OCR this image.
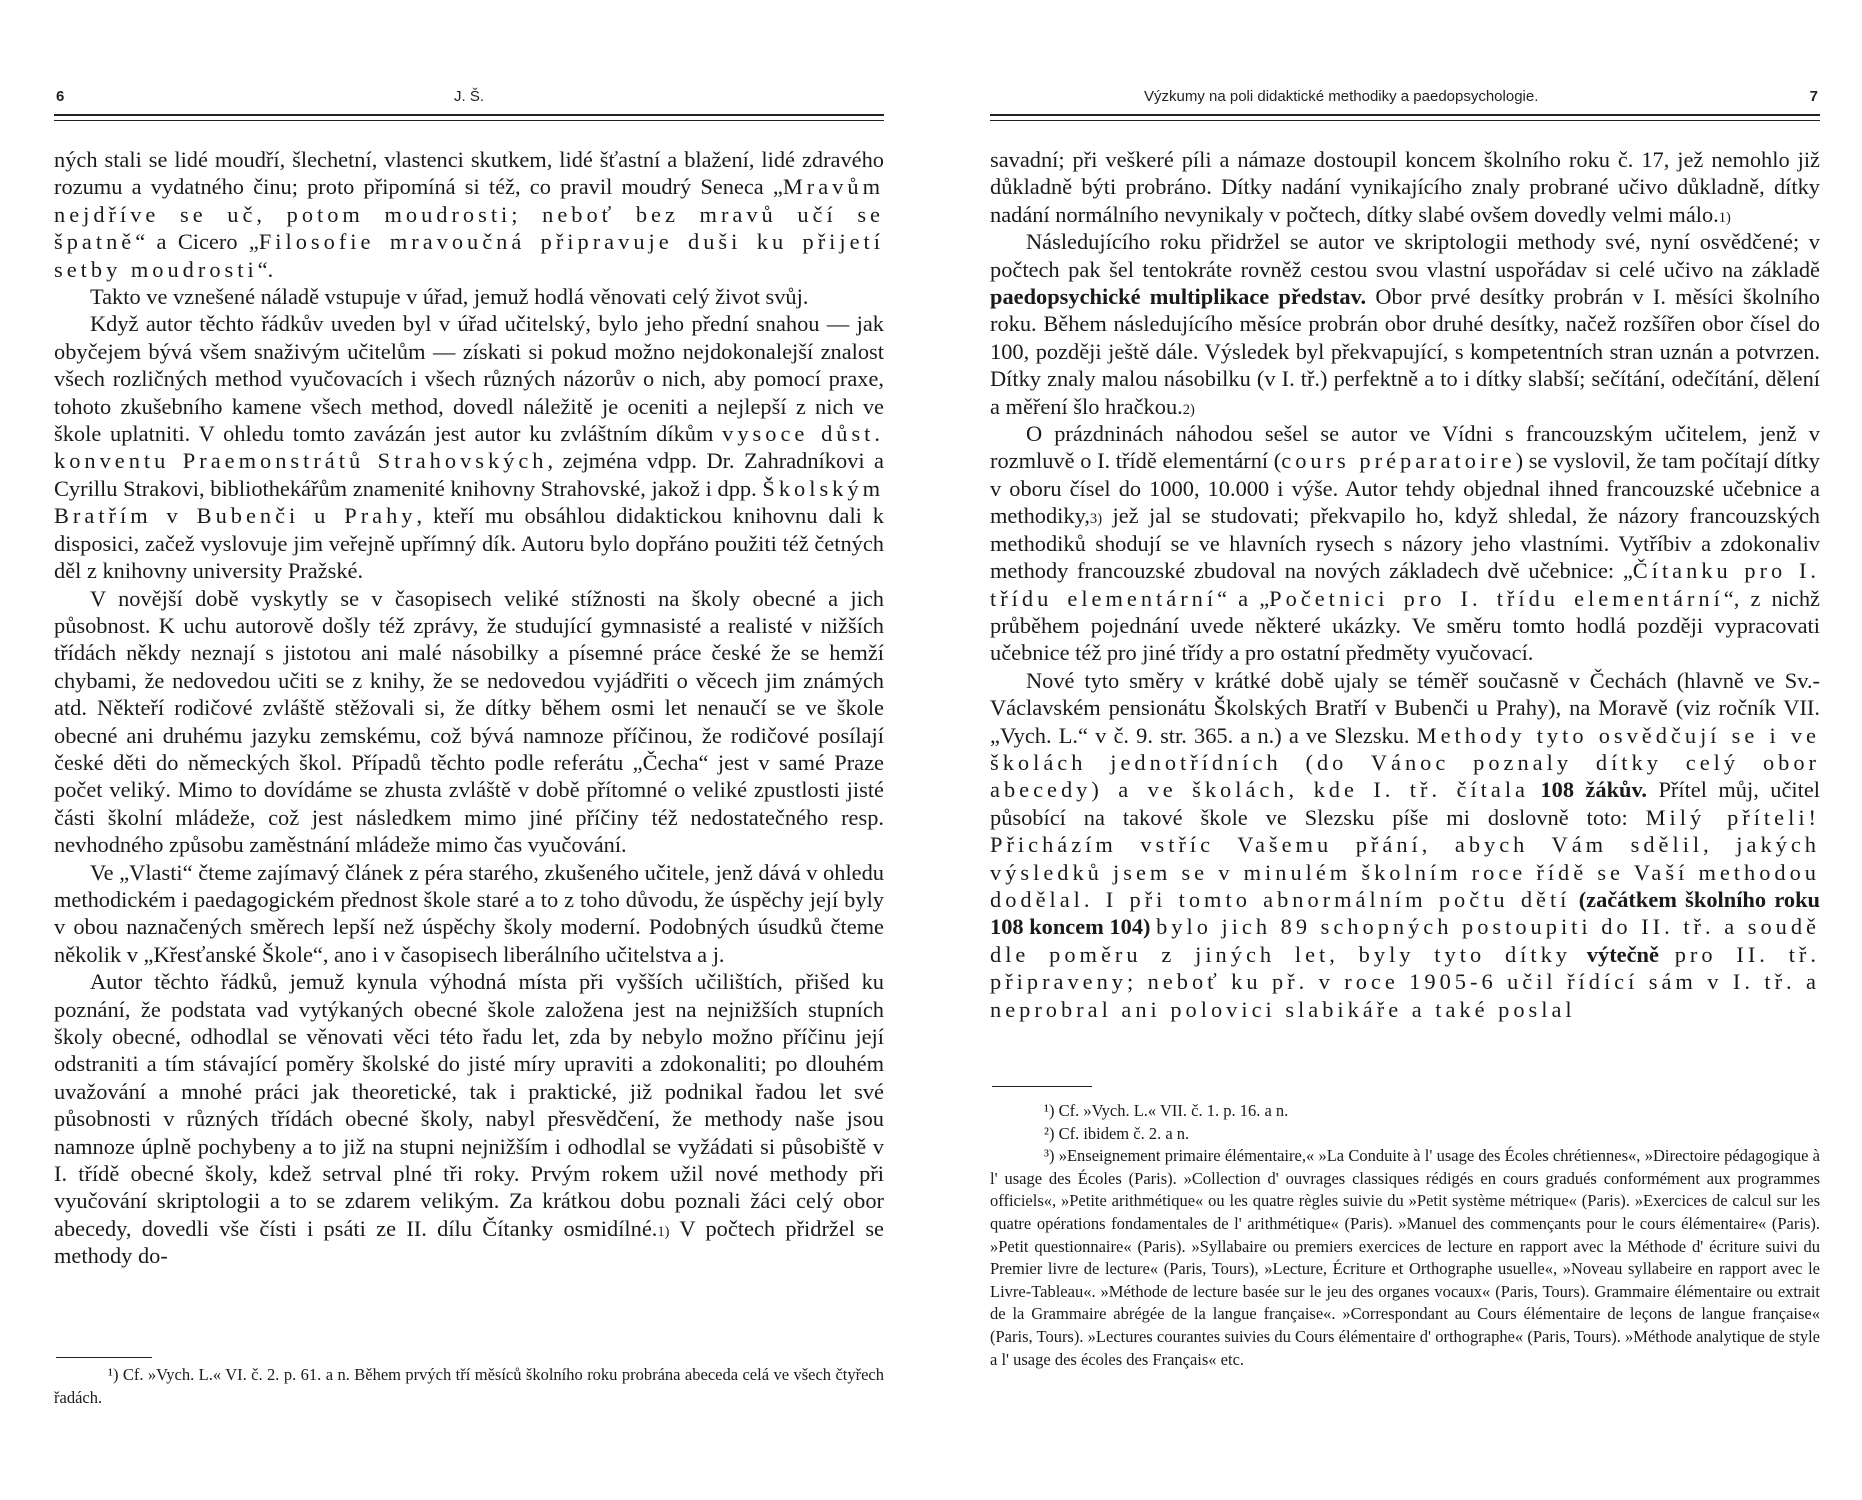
6	J. Š.

ných stali se lidé moudří, šlechetní, vlastenci skutkem, lidé šťastní a blažení, lidé zdravého rozumu a vydatného činu; proto připomíná si též, co pravil moudrý Seneca „Mravům nejdříve se uč, potom moudrosti; neboť bez mravů učí se špatně“ a Cicero „Filosofie mravoučná připravuje duši ku přijetí setby moudrosti“.

Takto ve vznešené náladě vstupuje v úřad, jemuž hodlá věnovati celý život svůj.

Když autor těchto řádkův uveden byl v úřad učitelský, bylo jeho přední snahou — jak obyčejem bývá všem snaživým učitelům — získati si pokud možno nejdokonalejší znalost všech rozličných method vyučovacích i všech různých názorův o nich, aby pomocí praxe, tohoto zkušebního kamene všech method, dovedl náležitě je oceniti a nejlepší z nich ve škole uplatniti. V ohledu tomto zavázán jest autor ku zvláštním díkům vysoce důst. konventu Praemonstrátů Strahovských, zejména vdpp. Dr. Zahradníkovi a Cyrillu Strakovi, bibliothekářům znamenité knihovny Strahovské, jakož i dpp. Školským Bratřím v Bubenči u Prahy, kteří mu obsáhlou didaktickou knihovnu dali k disposici, začež vyslovuje jim veřejně upřímný dík. Autoru bylo dopřáno použiti též četných děl z knihovny university Pražské.

V novější době vyskytly se v časopisech veliké stížnosti na školy obecné a jich působnost. K uchu autorově došly též zprávy, že studující gymnasisté a realisté v nižších třídách někdy neznají s jistotou ani malé násobilky a písemné práce české že se hemží chybami, že nedovedou učiti se z knihy, že se nedovedou vyjádřiti o věcech jim známých atd. Někteří rodičové zvláště stěžovali si, že dítky během osmi let nenaučí se ve škole obecné ani druhému jazyku zemskému, což bývá namnoze příčinou, že rodičové posílají české děti do německých škol. Případů těchto podle referátu „Čecha“ jest v samé Praze počet veliký. Mimo to dovídáme se zhusta zvláště v době přítomné o veliké zpustlosti jisté části školní mládeže, což jest následkem mimo jiné příčiny též nedostatečného resp. nevhodného způsobu zaměstnání mládeže mimo čas vyučování.

Ve „Vlasti“ čteme zajímavý článek z péra starého, zkušeného učitele, jenž dává v ohledu methodickém i paedagogickém přednost škole staré a to z toho důvodu, že úspěchy její byly v obou naznačených směrech lepší než úspěchy školy moderní. Podobných úsudků čteme několik v „Křesťanské Škole“, ano i v časopisech liberálního učitelstva a j.

Autor těchto řádků, jemuž kynula výhodná místa při vyšších učilištích, přišed ku poznání, že podstata vad vytýkaných obecné škole založena jest na nejnižších stupních školy obecné, odhodlal se věnovati věci této řadu let, zda by nebylo možno příčinu její odstraniti a tím stávající poměry školské do jisté míry upraviti a zdokonaliti; po dlouhém uvažování a mnohé práci jak theoretické, tak i praktické, již podnikal řadou let své působnosti v různých třídách obecné školy, nabyl přesvědčení, že methody naše jsou namnoze úplně pochybeny a to již na stupni nejnižším i odhodlal se vyžádati si působiště v I. třídě obecné školy, kdež setrval plné tři roky. Prvým rokem užil nové methody při vyučování skriptologii a to se zdarem velikým. Za krátkou dobu poznali žáci celý obor abecedy, dovedli vše čísti i psáti ze II. dílu Čítanky osmidílné.$^{1)}$ V počtech přidržel se methody do-

¹) Cf. »Vych. L.« VI. č. 2. p. 61. a n. Během prvých tří měsíců školního roku probrána abeceda celá ve všech čtyřech řadách.

Výzkumy na poli didaktické methodiky a paedopsychologie.	7

savadní; při veškeré píli a námaze dostoupil koncem školního roku č. 17, jež nemohlo již důkladně býti probráno. Dítky nadání vynikajícího znaly probrané učivo důkladně, dítky nadání normálního nevynikaly v počtech, dítky slabé ovšem dovedly velmi málo.$^{1)}$

Následujícího roku přidržel se autor ve skriptologii methody své, nyní osvědčené; v počtech pak šel tentokráte rovněž cestou svou vlastní uspořádav si celé učivo na základě paedopsychické multiplikace představ. Obor prvé desítky probrán v I. měsíci školního roku. Během následujícího měsíce probrán obor druhé desítky, načež rozšířen obor čísel do 100, později ještě dále. Výsledek byl překvapující, s kompetentních stran uznán a potvrzen. Dítky znaly malou násobilku (v I. tř.) perfektně a to i dítky slabší; sečítání, odečítání, dělení a měření šlo hračkou.$^{2)}$

O prázdninách náhodou sešel se autor ve Vídni s francouzským učitelem, jenž v rozmluvě o I. třídě elementární (cours préparatoire) se vyslovil, že tam počítají dítky v oboru čísel do 1000, 10.000 i výše. Autor tehdy objednal ihned francouzské učebnice a methodiky,$^{3)}$ jež jal se studovati; překvapilo ho, když shledal, že názory francouzských methodiků shodují se ve hlavních rysech s názory jeho vlastními. Vytříbiv a zdokonaliv methody francouzské zbudoval na nových základech dvě učebnice: „Čítanku pro I. třídu elementární“ a „Početnici pro I. třídu elementární“, z nichž průběhem pojednání uvede některé ukázky. Ve směru tomto hodlá později vypracovati učebnice též pro jiné třídy a pro ostatní předměty vyučovací.

Nové tyto směry v krátké době ujaly se téměř současně v Čechách (hlavně ve Sv.-Václavském pensionátu Školských Bratří v Bubenči u Prahy), na Moravě (viz ročník VII. „Vych. L.“ v č. 9. str. 365. a n.) a ve Slezsku. Methody tyto osvědčují se i ve školách jednotřídních (do Vánoc poznaly dítky celý obor abecedy) a ve školách, kde I. tř. čítala 108 žákův. Přítel můj, učitel působící na takové škole ve Slezsku píše mi doslovně toto: Milý příteli! Přicházím vstříc Vašemu přání, abych Vám sdělil, jakých výsledků jsem se v minulém školním roce řídě se Vaší methodou dodělal. I při tomto abnormálním počtu dětí (začátkem školního roku 108 koncem 104) bylo jich 89 schopných postoupiti do II. tř. a soudě dle poměru z jiných let, byly tyto dítky výtečně pro II. tř. připraveny; neboť ku př. v roce 1905-6 učil řídící sám v I. tř. a neprobral ani polovici slabikáře a také poslal

¹) Cf. »Vych. L.« VII. č. 1. p. 16. a n.

²) Cf. ibidem č. 2. a n.

³) »Enseignement primaire élémentaire,« »La Conduite à l' usage des Écoles chrétiennes«, »Directoire pédagogique à l' usage des Écoles (Paris). »Collection d' ouvrages classiques rédigés en cours gradués conformément aux programmes officiels«, »Petite arithmétique« ou les quatre règles suivie du »Petit système métrique« (Paris). »Exercices de calcul sur les quatre opérations fondamentales de l' arithmétique« (Paris). »Manuel des commençants pour le cours élémentaire« (Paris). »Petit questionnaire« (Paris). »Syllabaire ou premiers exercices de lecture en rapport avec la Méthode d' écriture suivi du Premier livre de lecture« (Paris, Tours), »Lecture, Écriture et Orthographe usuelle«, »Noveau syllabeire en rapport avec le Livre-Tableau«. »Méthode de lecture basée sur le jeu des organes vocaux« (Paris, Tours). Grammaire élémentaire ou extrait de la Grammaire abrégée de la langue française«. »Correspondant au Cours élémentaire de leçons de langue française« (Paris, Tours). »Lectures courantes suivies du Cours élémentaire d' orthographe« (Paris, Tours). »Méthode analytique de style a l' usage des écoles des Français« etc.
